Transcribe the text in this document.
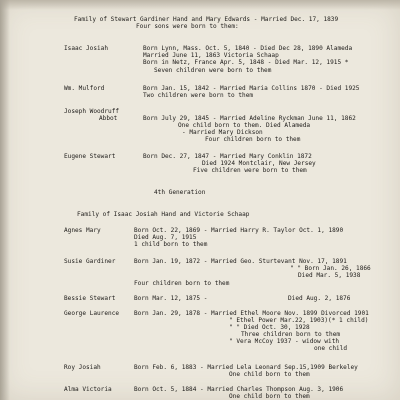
Family of Stewart Gardiner Hand and Mary Edwards - Married Dec. 17, 1839
Four sons were born to them:
Isaac Josiah	Born Lynn, Mass. Oct. 5, 1840 - Died Dec 28, 1890 Alameda
Married June 11, 1863 Victoria Schaap
Born in Netz, France Apr. 5, 1848 - Died Mar. 12, 1915 *
Seven children were born to them
Wm. Mulford	Born Jan. 15, 1842 - Married Maria Collins 1870 - Died 1925
Two children were born to them
Joseph Woodruff
Abbot	Born July 29, 1845 - Married Adeline Ryckman June 11, 1862
One child born to them. Died Alameda
- Married Mary Dickson
Four children born to them
Eugene Stewart	Born Dec. 27, 1847 - Married Mary Conklin 1872
Died 1924 Montclair, New Jersey
Five children were born to them
4th Generation
Family of Isaac Josiah Hand and Victorie Schaap
Agnes Mary	Born Oct. 22, 1869 - Married Harry R. Taylor Oct. 1, 1890
Died Aug. 7, 1915
1 child born to them
Susie Gardiner	Born Jan. 19, 1872 - Married Geo. Sturtevant Nov. 17, 1891
" " Born Jan. 26, 1866
Died Mar. 5, 1938
Four children born to them
Bessie Stewart	Born Mar. 12, 1875 -	Died Aug. 2, 1876
George Laurence Born Jan. 29, 1878 - Married Ethel Moore Nov. 1899 Divorced 1901
" Ethel Power Mar.22, 1903)(* 1 child)
" " Died Oct. 30, 1928
Three children born to them
" Vera McCoy 1937 - widow with
one child
Roy Josiah	Born Feb. 6, 1883 - Married Lela Leonard Sep.15,1909 Berkeley
One child born to them
Alma Victoria	Born Oct. 5, 1884 - Married Charles Thompson Aug. 3, 1906
One child born to them
